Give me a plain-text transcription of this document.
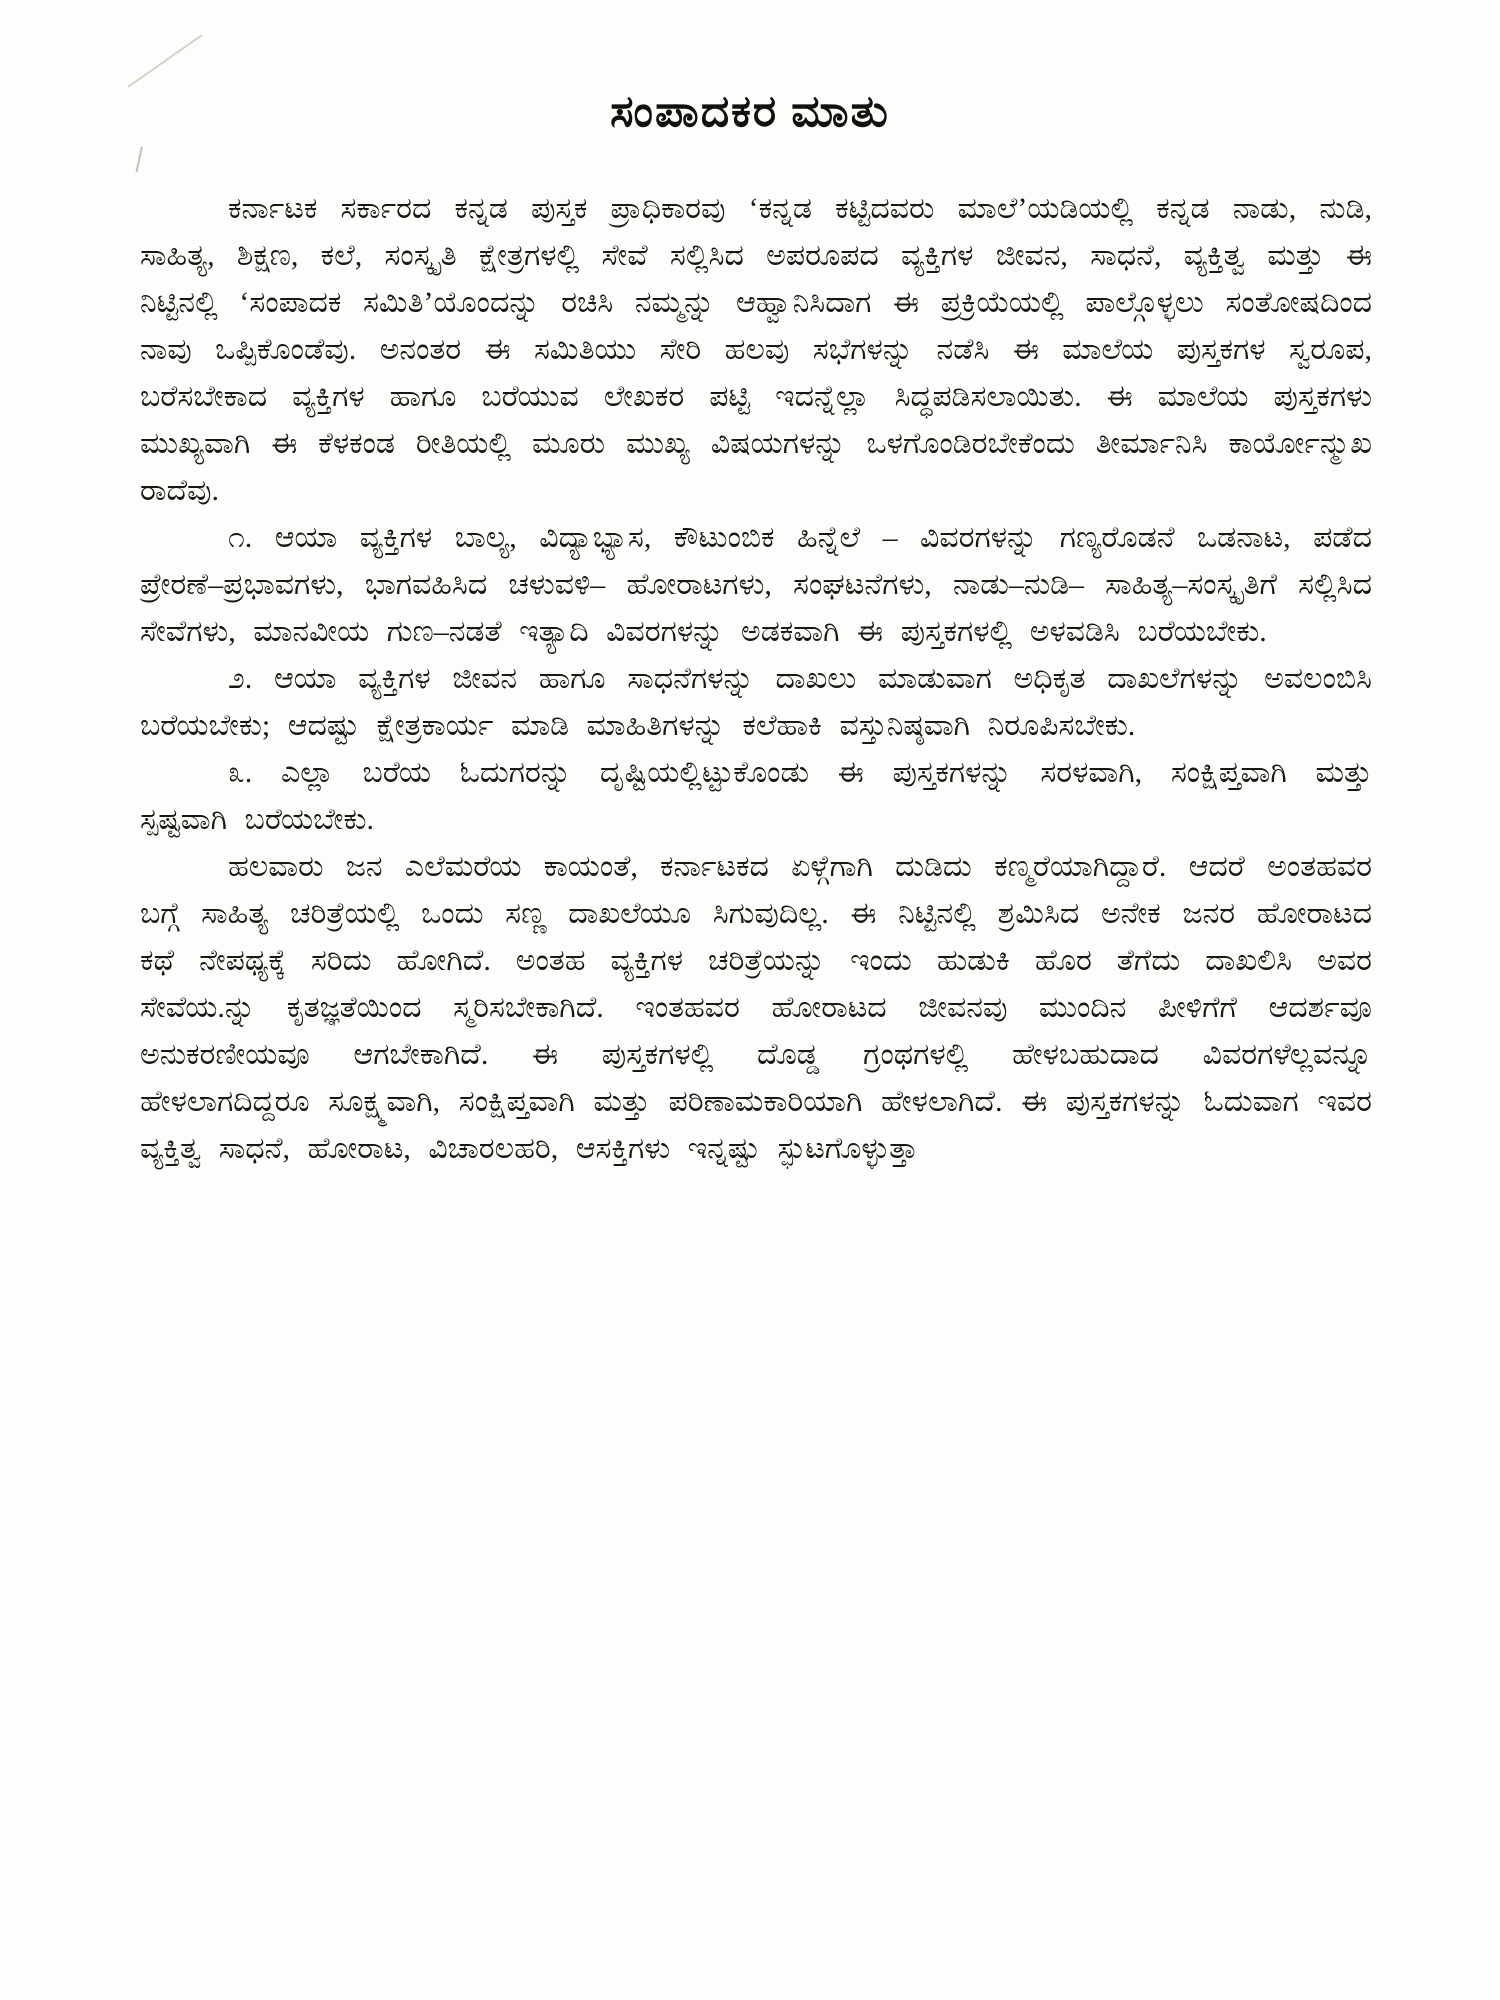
ಸಂಪಾದಕರ ಮಾತು

ಕರ್ನಾಟಕ ಸರ್ಕಾರದ ಕನ್ನಡ ಪುಸ್ತಕ ಪ್ರಾಧಿಕಾರವು ‘ಕನ್ನಡ ಕಟ್ಟಿದವರು ಮಾಲೆ’ಯಡಿಯಲ್ಲಿ ಕನ್ನಡ ನಾಡು, ನುಡಿ, ಸಾಹಿತ್ಯ, ಶಿಕ್ಷಣ, ಕಲೆ, ಸಂಸ್ಕೃತಿ ಕ್ಷೇತ್ರಗಳಲ್ಲಿ ಸೇವೆ ಸಲ್ಲಿಸಿದ ಅಪರೂಪದ ವ್ಯಕ್ತಿಗಳ ಜೀವನ, ಸಾಧನೆ, ವ್ಯಕ್ತಿತ್ವ ಮತ್ತು ಈ ನಿಟ್ಟಿನಲ್ಲಿ ‘ಸಂಪಾದಕ ಸಮಿತಿ’ಯೊಂದನ್ನು ರಚಿಸಿ ನಮ್ಮನ್ನು ಆಹ್ವಾನಿಸಿದಾಗ ಈ ಪ್ರಕ್ರಿಯೆಯಲ್ಲಿ ಪಾಲ್ಗೊಳ್ಳಲು ಸಂತೋಷದಿಂದ ನಾವು ಒಪ್ಪಿಕೊಂಡೆವು. ಅನಂತರ ಈ ಸಮಿತಿಯು ಸೇರಿ ಹಲವು ಸಭೆಗಳನ್ನು ನಡೆಸಿ ಈ ಮಾಲೆಯ ಪುಸ್ತಕಗಳ ಸ್ವರೂಪ, ಬರೆಸಬೇಕಾದ ವ್ಯಕ್ತಿಗಳ ಹಾಗೂ ಬರೆಯುವ ಲೇಖಕರ ಪಟ್ಟಿ ಇದನ್ನೆಲ್ಲಾ ಸಿದ್ಧಪಡಿಸಲಾಯಿತು. ಈ ಮಾಲೆಯ ಪುಸ್ತಕಗಳು ಮುಖ್ಯವಾಗಿ ಈ ಕೆಳಕಂಡ ರೀತಿಯಲ್ಲಿ ಮೂರು ಮುಖ್ಯ ವಿಷಯಗಳನ್ನು ಒಳಗೊಂಡಿರಬೇಕೆಂದು ತೀರ್ಮಾನಿಸಿ ಕಾರ್ಯೋನ್ಮುಖ ರಾದೆವು.

೧. ಆಯಾ ವ್ಯಕ್ತಿಗಳ ಬಾಲ್ಯ, ವಿದ್ಯಾಭ್ಯಾಸ, ಕೌಟುಂಬಿಕ ಹಿನ್ನೆಲೆ – ವಿವರಗಳನ್ನು ಗಣ್ಯರೊಡನೆ ಒಡನಾಟ, ಪಡೆದ ಪ್ರೇರಣೆ–ಪ್ರಭಾವಗಳು, ಭಾಗವಹಿಸಿದ ಚಳುವಳಿ– ಹೋರಾಟಗಳು, ಸಂಘಟನೆಗಳು, ನಾಡು–ನುಡಿ– ಸಾಹಿತ್ಯ–ಸಂಸ್ಕೃತಿಗೆ ಸಲ್ಲಿಸಿದ ಸೇವೆಗಳು, ಮಾನವೀಯ ಗುಣ–ನಡತೆ ಇತ್ಯಾದಿ ವಿವರಗಳನ್ನು ಅಡಕವಾಗಿ ಈ ಪುಸ್ತಕಗಳಲ್ಲಿ ಅಳವಡಿಸಿ ಬರೆಯಬೇಕು.

೨. ಆಯಾ ವ್ಯಕ್ತಿಗಳ ಜೀವನ ಹಾಗೂ ಸಾಧನೆಗಳನ್ನು ದಾಖಲು ಮಾಡುವಾಗ ಅಧಿಕೃತ ದಾಖಲೆಗಳನ್ನು ಅವಲಂಬಿಸಿ ಬರೆಯಬೇಕು; ಆದಷ್ಟು ಕ್ಷೇತ್ರಕಾರ್ಯ ಮಾಡಿ ಮಾಹಿತಿಗಳನ್ನು ಕಲೆಹಾಕಿ ವಸ್ತುನಿಷ್ಠವಾಗಿ ನಿರೂಪಿಸಬೇಕು.

೩. ಎಲ್ಲಾ ಬರೆಯ ಓದುಗರನ್ನು ದೃಷ್ಟಿಯಲ್ಲಿಟ್ಟುಕೊಂಡು ಈ ಪುಸ್ತಕಗಳನ್ನು ಸರಳವಾಗಿ, ಸಂಕ್ಷಿಪ್ತವಾಗಿ ಮತ್ತು ಸ್ಪಷ್ಟವಾಗಿ ಬರೆಯಬೇಕು.

ಹಲವಾರು ಜನ ಎಲೆಮರೆಯ ಕಾಯಂತೆ, ಕರ್ನಾಟಕದ ಏಳ್ಗೆಗಾಗಿ ದುಡಿದು ಕಣ್ಮರೆಯಾಗಿದ್ದಾರೆ. ಆದರೆ ಅಂತಹವರ ಬಗ್ಗೆ ಸಾಹಿತ್ಯ ಚರಿತ್ರೆಯಲ್ಲಿ ಒಂದು ಸಣ್ಣ ದಾಖಲೆಯೂ ಸಿಗುವುದಿಲ್ಲ. ಈ ನಿಟ್ಟಿನಲ್ಲಿ ಶ್ರಮಿಸಿದ ಅನೇಕ ಜನರ ಹೋರಾಟದ ಕಥೆ ನೇಪಥ್ಯಕ್ಕೆ ಸರಿದು ಹೋಗಿದೆ. ಅಂತಹ ವ್ಯಕ್ತಿಗಳ ಚರಿತ್ರೆಯನ್ನು ಇಂದು ಹುಡುಕಿ ಹೊರ ತೆಗೆದು ದಾಖಲಿಸಿ ಅವರ ಸೇವೆಯ.ನ್ನು ಕೃತಜ್ಞತೆಯಿಂದ ಸ್ಮರಿಸಬೇಕಾಗಿದೆ. ಇಂತಹವರ ಹೋರಾಟದ ಜೀವನವು ಮುಂದಿನ ಪೀಳಿಗೆಗೆ ಆದರ್ಶವೂ ಅನುಕರಣೀಯವೂ ಆಗಬೇಕಾಗಿದೆ. ಈ ಪುಸ್ತಕಗಳಲ್ಲಿ ದೊಡ್ಡ ಗ್ರಂಥಗಳಲ್ಲಿ ಹೇಳಬಹುದಾದ ವಿವರಗಳೆಲ್ಲವನ್ನೂ ಹೇಳಲಾಗದಿದ್ದರೂ ಸೂಕ್ಷ್ಮವಾಗಿ, ಸಂಕ್ಷಿಪ್ತವಾಗಿ ಮತ್ತು ಪರಿಣಾಮಕಾರಿಯಾಗಿ ಹೇಳಲಾಗಿದೆ. ಈ ಪುಸ್ತಕಗಳನ್ನು ಓದುವಾಗ ಇವರ ವ್ಯಕ್ತಿತ್ವ ಸಾಧನೆ, ಹೋರಾಟ, ವಿಚಾರಲಹರಿ, ಆಸಕ್ತಿಗಳು ಇನ್ನಷ್ಟು ಸ್ಫುಟಗೊಳ್ಳುತ್ತಾ
